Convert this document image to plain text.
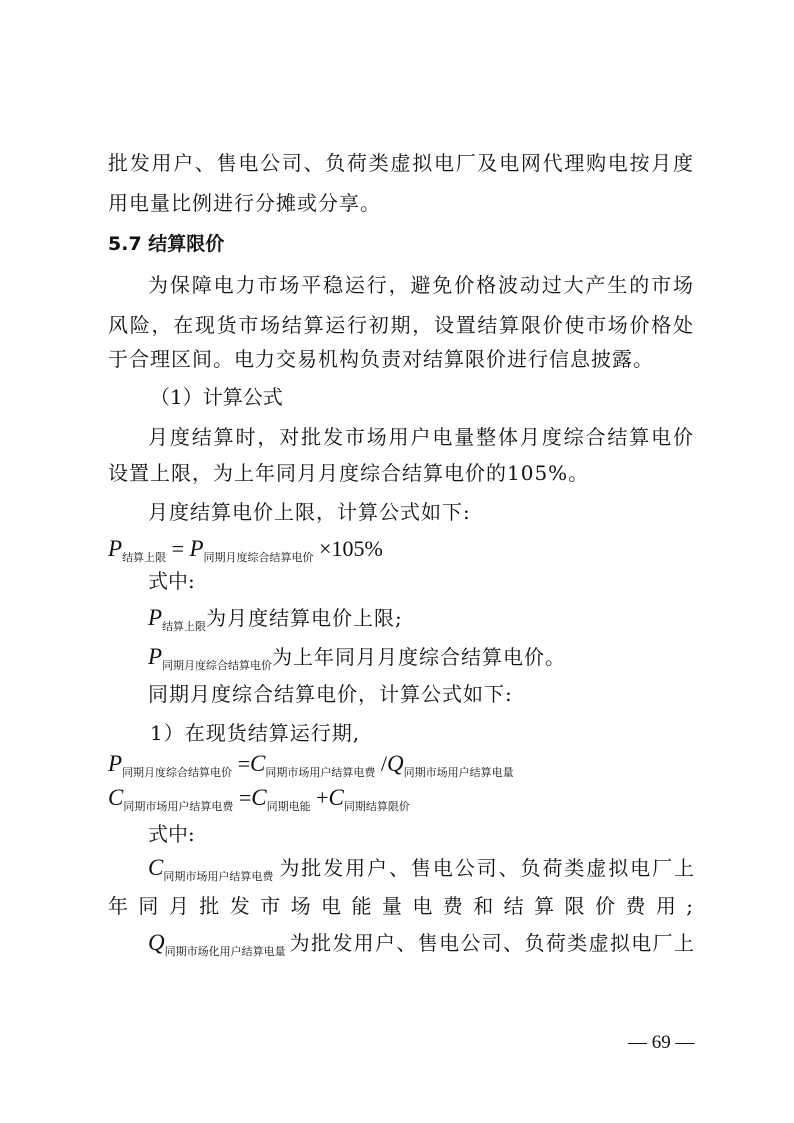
批发用户、售电公司、负荷类虚拟电厂及电网代理购电按月度
用电量比例进行分摊或分享。
5.7 结算限价
为保障电力市场平稳运行，避免价格波动过大产生的市场
风险，在现货市场结算运行初期，设置结算限价使市场价格处
于合理区间。电力交易机构负责对结算限价进行信息披露。
（1）计算公式
月度结算时，对批发市场用户电量整体月度综合结算电价
设置上限，为上年同月月度综合结算电价的105%。
月度结算电价上限，计算公式如下:
$P_{结算上限} = P_{同期月度综合结算电价} \times 105\%$
式中:
$P_{结算上限}$为月度结算电价上限;
$P_{同期月度综合结算电价}$为上年同月月度综合结算电价。
同期月度综合结算电价，计算公式如下:
1）在现货结算运行期,
$P_{同期月度综合结算电价} =C_{同期市场用户结算电费}$ $/Q_{同期市场用户结算电量}$
$C_{同期市场用户结算电费} =C_{同期电能} +C_{同期结算限价}$
式中:
$C_{同期市场用户结算电费}$ 为批发用户、售电公司、负荷类虚拟电厂上
年同月批发市场电能量电费和结算限价费用;
$Q_{同期市场化用户结算电量}$ 为批发用户、售电公司、负荷类虚拟电厂上
— 69 —
